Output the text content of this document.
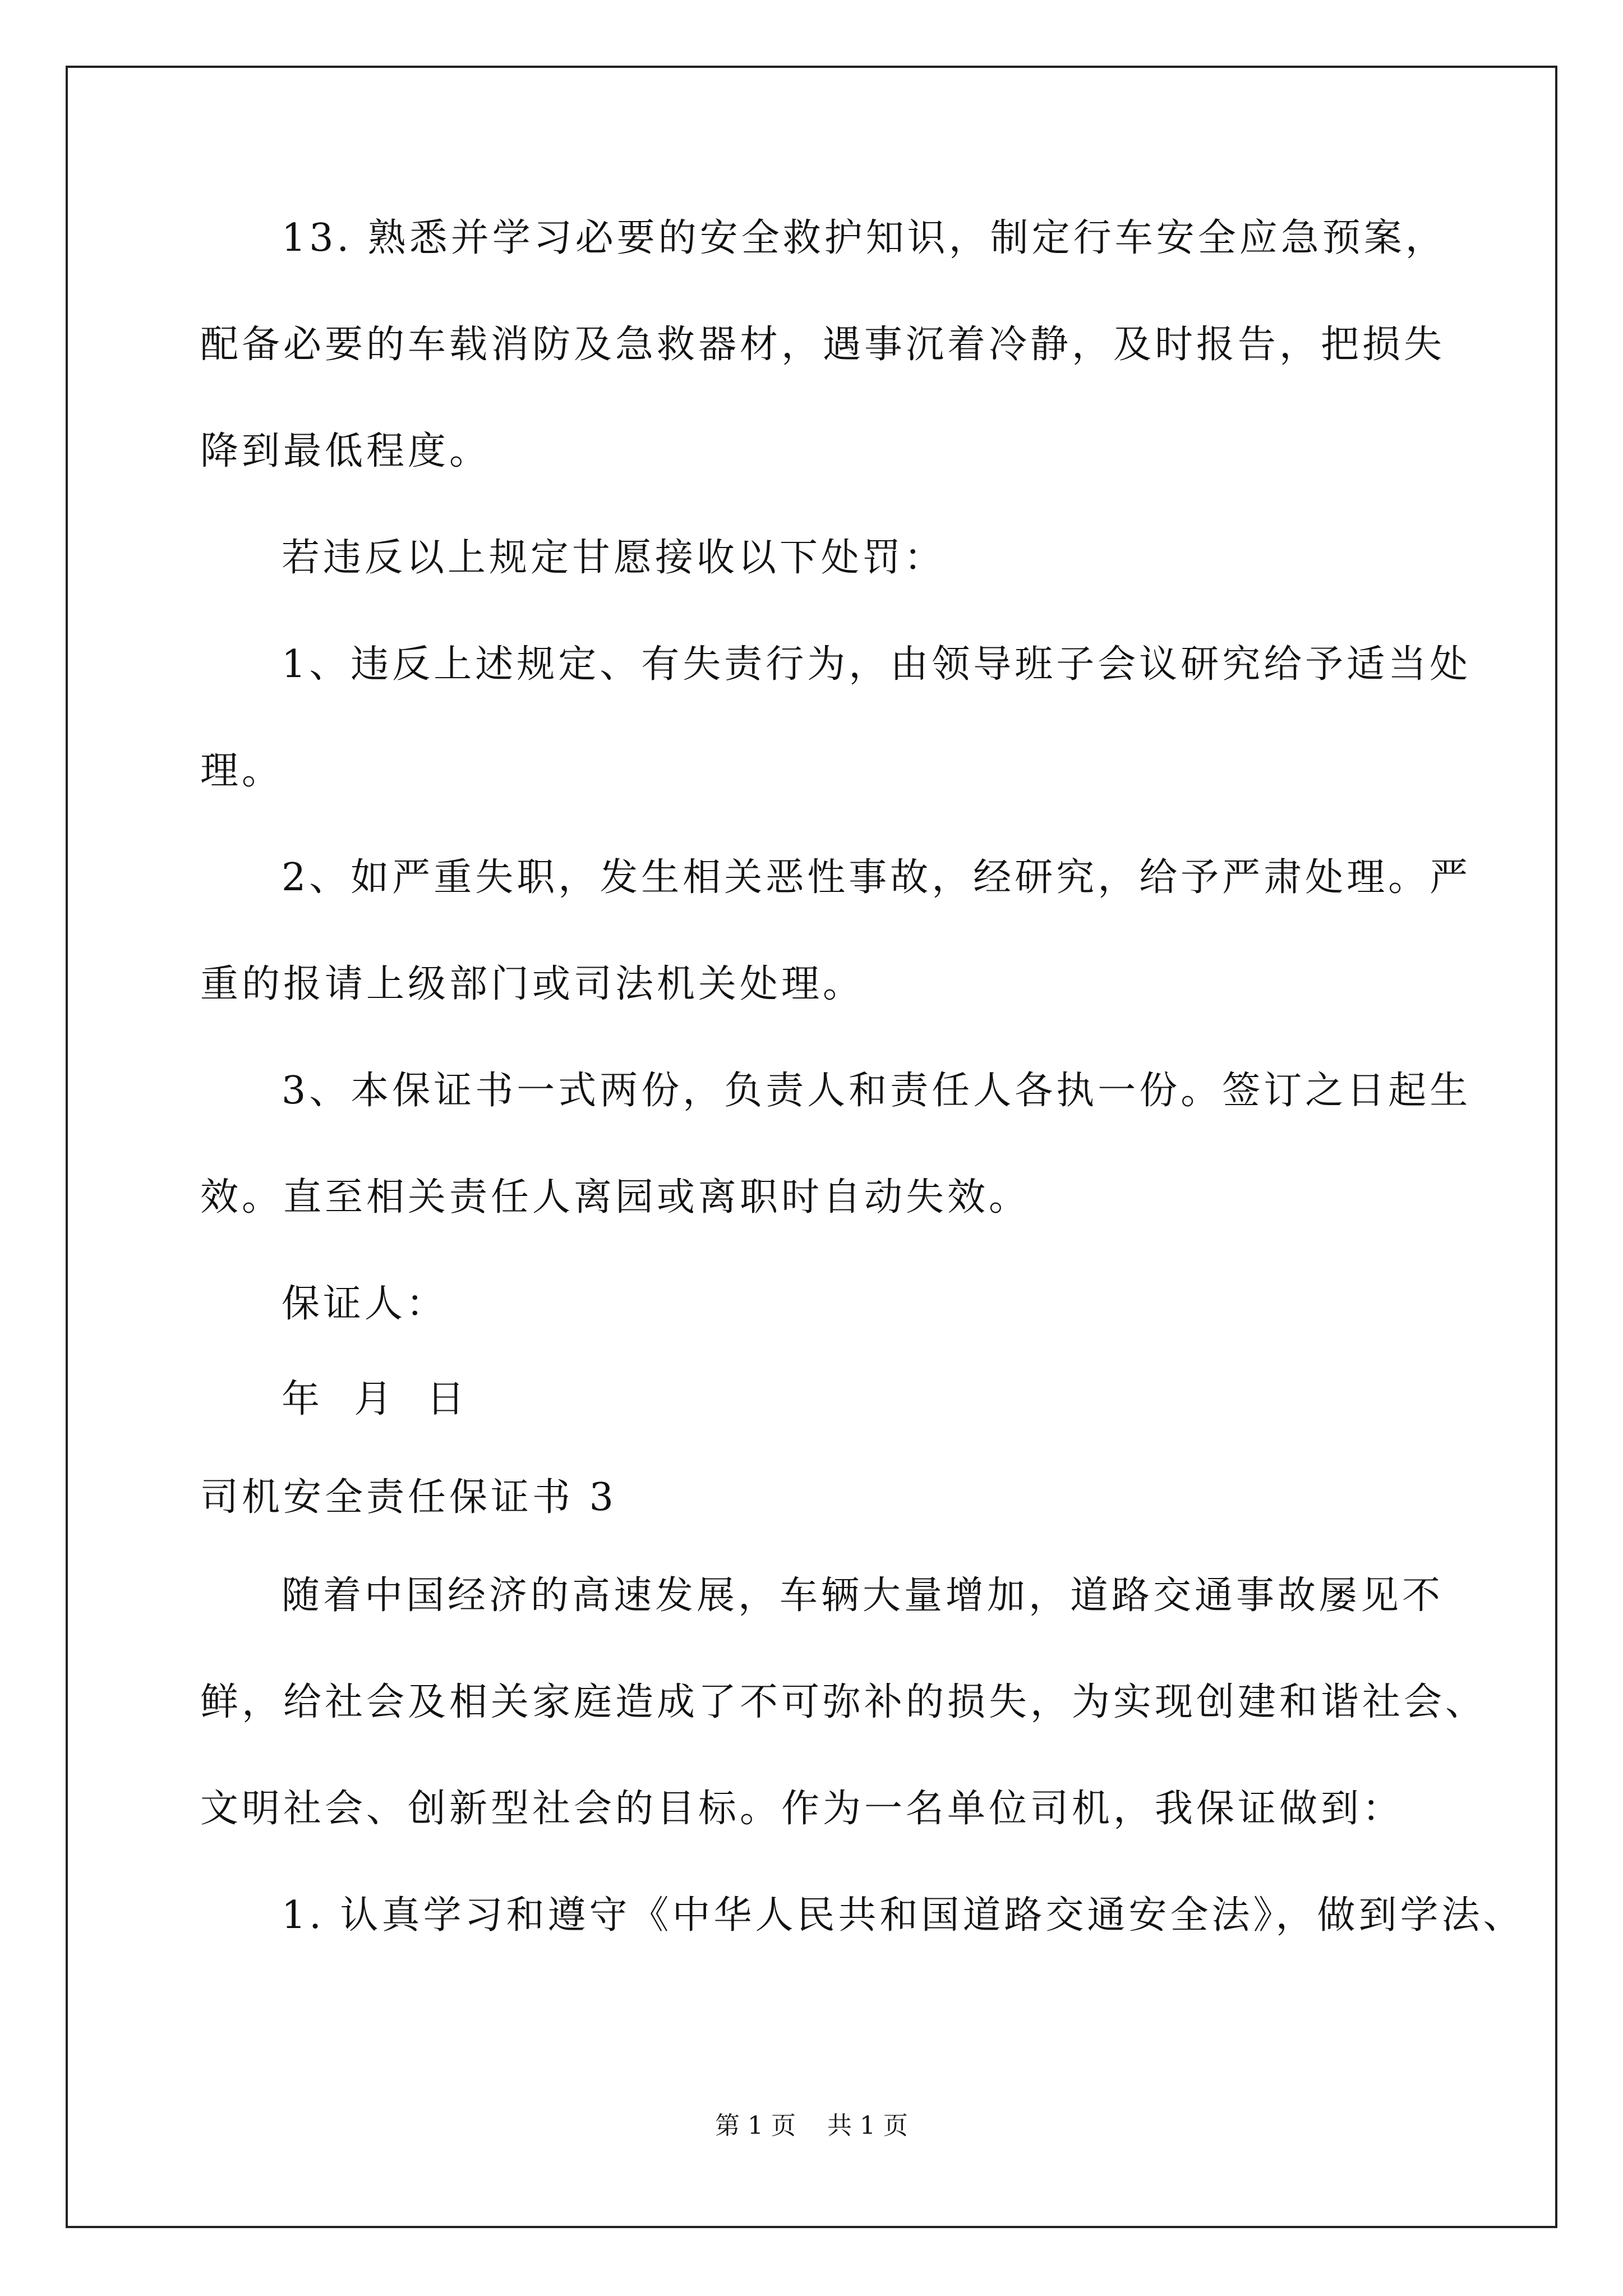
13. 熟悉并学习必要的安全救护知识，制定行车安全应急预案，

配备必要的车载消防及急救器材，遇事沉着冷静，及时报告，把损失

降到最低程度。

若违反以上规定甘愿接收以下处罚：

1、违反上述规定、有失责行为，由领导班子会议研究给予适当处

理。

2、如严重失职，发生相关恶性事故，经研究，给予严肃处理。严

重的报请上级部门或司法机关处理。

3、本保证书一式两份，负责人和责任人各执一份。签订之日起生

效。直至相关责任人离园或离职时自动失效。

保证人：

年  月  日

司机安全责任保证书 3

随着中国经济的高速发展，车辆大量增加，道路交通事故屡见不

鲜，给社会及相关家庭造成了不可弥补的损失，为实现创建和谐社会、

文明社会、创新型社会的目标。作为一名单位司机，我保证做到：

1. 认真学习和遵守《中华人民共和国道路交通安全法》，做到学法、

第 1 页    共 1 页
